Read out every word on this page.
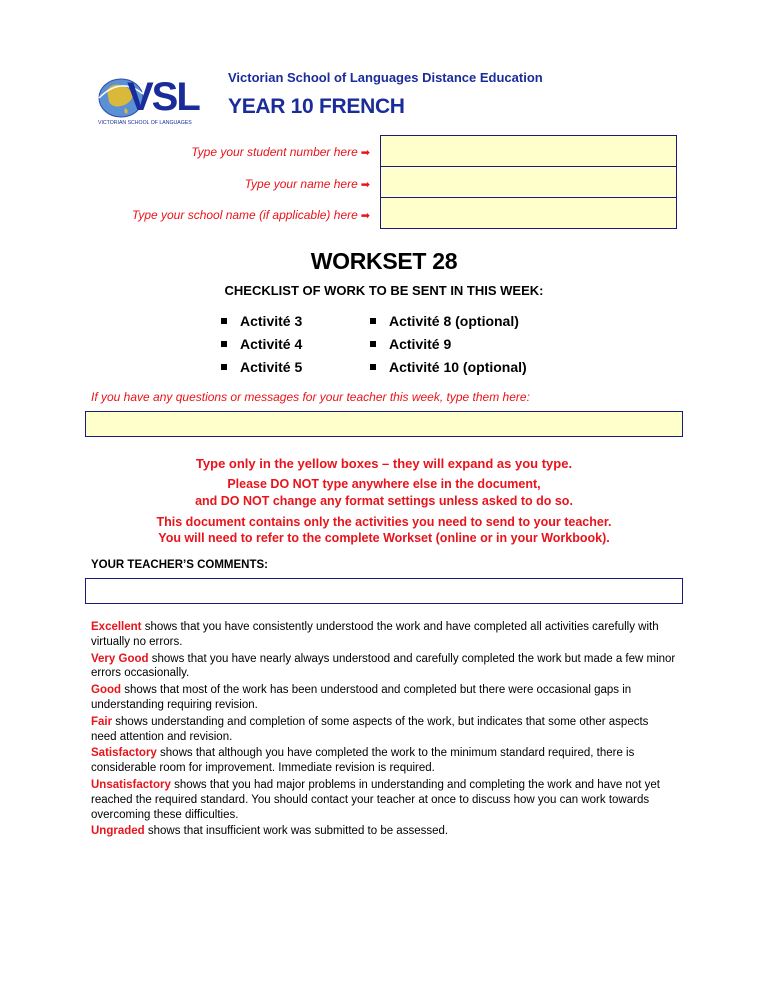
VSL
VICTORIAN SCHOOL OF LANGUAGES
Victorian School of Languages Distance Education
YEAR 10 FRENCH
Type your student number here ➡
Type your name here ➡
Type your school name (if applicable) here ➡
WORKSET 28
CHECKLIST OF WORK TO BE SENT IN THIS WEEK:
Activité 3
Activité 4
Activité 5
Activité 8 (optional)
Activité 9
Activité 10 (optional)
If you have any questions or messages for your teacher this week, type them here:
Type only in the yellow boxes – they will expand as you type.
Please DO NOT type anywhere else in the document,
and DO NOT change any format settings unless asked to do so.
This document contains only the activities you need to send to your teacher.
You will need to refer to the complete Workset (online or in your Workbook).
YOUR TEACHER’S COMMENTS:
Excellent shows that you have consistently understood the work and have completed all activities carefully with virtually no errors.
Very Good shows that you have nearly always understood and carefully completed the work but made a few minor errors occasionally.
Good shows that most of the work has been understood and completed but there were occasional gaps in understanding requiring revision.
Fair shows understanding and completion of some aspects of the work, but indicates that some other aspects need attention and revision.
Satisfactory shows that although you have completed the work to the minimum standard required, there is considerable room for improvement. Immediate revision is required.
Unsatisfactory shows that you had major problems in understanding and completing the work and have not yet reached the required standard. You should contact your teacher at once to discuss how you can work towards overcoming these difficulties.
Ungraded shows that insufficient work was submitted to be assessed.
